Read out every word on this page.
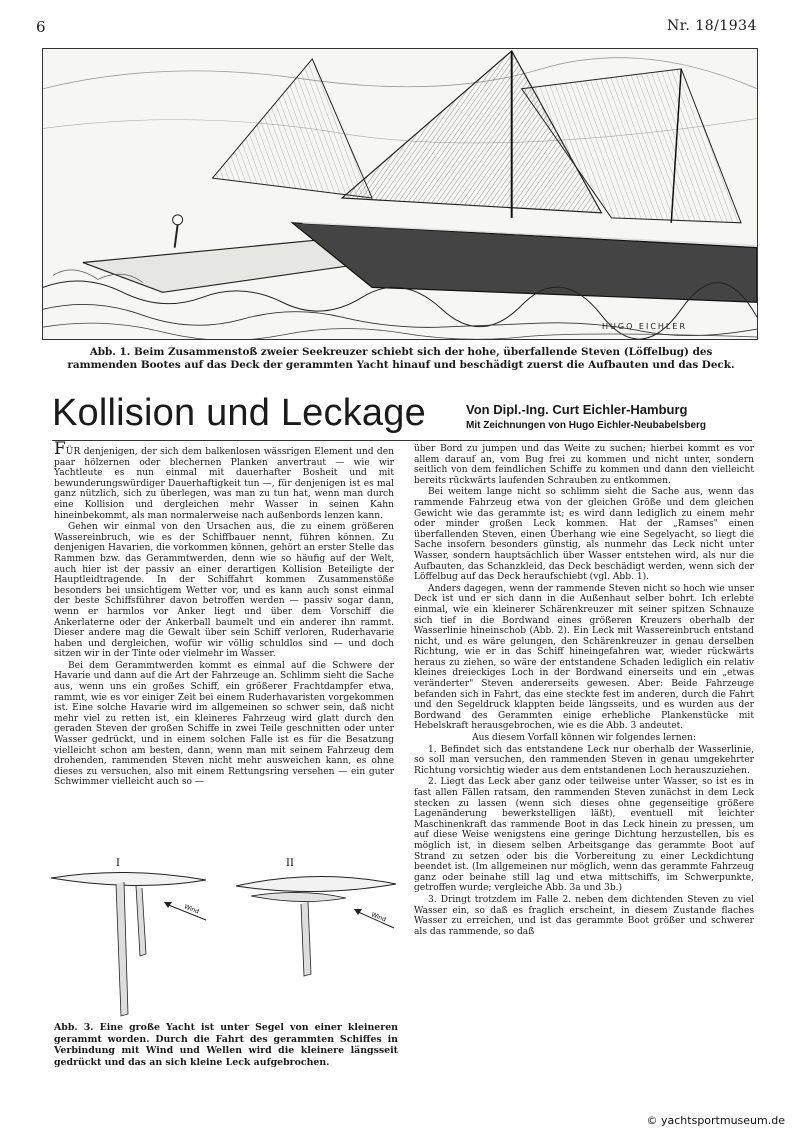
6	Nr. 18/1934
HUGO EICHLER
Abb. 1. Beim Zusammenstoß zweier Seekreuzer schiebt sich der hohe, überfallende Steven (Löffelbug) des rammenden Bootes auf das Deck der gerammten Yacht hinauf und beschädigt zuerst die Aufbauten und das Deck.
Kollision und Leckage	Von Dipl.-Ing. Curt Eichler-Hamburg
Mit Zeichnungen von Hugo Eichler-Neubabelsberg

FÜR denjenigen, der sich dem balkenlosen wässrigen Element und den paar hölzernen oder blechernen Planken anvertraut — wie wir Yachtleute es nun einmal mit dauerhafter Bosheit und mit bewunderungswürdiger Dauerhaftigkeit tun —, für denjenigen ist es mal ganz nützlich, sich zu überlegen, was man zu tun hat, wenn man durch eine Kollision und dergleichen mehr Wasser in seinen Kahn hineinbekommt, als man normalerweise nach außenbords lenzen kann.

Gehen wir einmal von den Ursachen aus, die zu einem größeren Wassereinbruch, wie es der Schiffbauer nennt, führen können. Zu denjenigen Havarien, die vorkommen können, gehört an erster Stelle das Rammen bzw. das Gerammtwerden, denn wie so häufig auf der Welt, auch hier ist der passiv an einer derartigen Kollision Beteiligte der Hauptleidtragende. In der Schiffahrt kommen Zusammenstöße besonders bei unsichtigem Wetter vor, und es kann auch sonst einmal der beste Schiffsführer davon betroffen werden — passiv sogar dann, wenn er harmlos vor Anker liegt und über dem Vorschiff die Ankerlaterne oder der Ankerball baumelt und ein anderer ihn rammt. Dieser andere mag die Gewalt über sein Schiff verloren, Ruderhavarie haben und dergleichen, wofür wir völlig schuldlos sind — und doch sitzen wir in der Tinte oder vielmehr im Wasser.

Bei dem Gerammtwerden kommt es einmal auf die Schwere der Havarie und dann auf die Art der Fahrzeuge an. Schlimm sieht die Sache aus, wenn uns ein großes Schiff, ein größerer Frachtdampfer etwa, rammt, wie es vor einiger Zeit bei einem Ruderhavaristen vorgekommen ist. Eine solche Havarie wird im allgemeinen so schwer sein, daß nicht mehr viel zu retten ist, ein kleineres Fahrzeug wird glatt durch den geraden Steven der großen Schiffe in zwei Teile geschnitten oder unter Wasser gedrückt, und in einem solchen Falle ist es für die Besatzung vielleicht schon am besten, dann, wenn man mit seinem Fahrzeug dem drohenden, rammenden Steven nicht mehr ausweichen kann, es ohne dieses zu versuchen, also mit einem Rettungsring versehen — ein guter Schwimmer vielleicht auch so —

I
Wind
II
Wind
Abb. 3. Eine große Yacht ist unter Segel von einer kleineren gerammt worden. Durch die Fahrt des gerammten Schiffes in Verbindung mit Wind und Wellen wird die kleinere längsseit gedrückt und das an sich kleine Leck aufgebrochen.

über Bord zu jumpen und das Weite zu suchen; hierbei kommt es vor allem darauf an, vom Bug frei zu kommen und nicht unter, sondern seitlich von dem feindlichen Schiffe zu kommen und dann den vielleicht bereits rückwärts laufenden Schrauben zu entkommen.

Bei weitem lange nicht so schlimm sieht die Sache aus, wenn das rammende Fahrzeug etwa von der gleichen Größe und dem gleichen Gewicht wie das gerammte ist; es wird dann lediglich zu einem mehr oder minder großen Leck kommen. Hat der „Ramses" einen überfallenden Steven, einen Überhang wie eine Segelyacht, so liegt die Sache insofern besonders günstig, als nunmehr das Leck nicht unter Wasser, sondern hauptsächlich über Wasser entstehen wird, als nur die Aufbauten, das Schanzkleid, das Deck beschädigt werden, wenn sich der Löffelbug auf das Deck heraufschiebt (vgl. Abb. 1).

Anders dagegen, wenn der rammende Steven nicht so hoch wie unser Deck ist und er sich dann in die Außenhaut selber bohrt. Ich erlebte einmal, wie ein kleinerer Schärenkreuzer mit seiner spitzen Schnauze sich tief in die Bordwand eines größeren Kreuzers oberhalb der Wasserlinie hineinschob (Abb. 2). Ein Leck mit Wassereinbruch entstand nicht, und es wäre gelungen, den Schärenkreuzer in genau derselben Richtung, wie er in das Schiff hineingefahren war, wieder rückwärts heraus zu ziehen, so wäre der entstandene Schaden lediglich ein relativ kleines dreieckiges Loch in der Bordwand einerseits und ein „etwas veränderter" Steven andererseits gewesen. Aber: Beide Fahrzeuge befanden sich in Fahrt, das eine steckte fest im anderen, durch die Fahrt und den Segeldruck klappten beide längsseits, und es wurden aus der Bordwand des Gerammten einige erhebliche Plankenstücke mit Hebelskraft herausgebrochen, wie es die Abb. 3 andeutet.

Aus diesem Vorfall können wir folgendes lernen:

1. Befindet sich das entstandene Leck nur oberhalb der Wasserlinie, so soll man versuchen, den rammenden Steven in genau umgekehrter Richtung vorsichtig wieder aus dem entstandenen Loch herauszuziehen.

2. Liegt das Leck aber ganz oder teilweise unter Wasser, so ist es in fast allen Fällen ratsam, den rammenden Steven zunächst in dem Leck stecken zu lassen (wenn sich dieses ohne gegenseitige größere Lagenänderung bewerkstelligen läßt), eventuell mit leichter Maschinenkraft das rammende Boot in das Leck hinein zu pressen, um auf diese Weise wenigstens eine geringe Dichtung herzustellen, bis es möglich ist, in diesem selben Arbeitsgange das gerammte Boot auf Strand zu setzen oder bis die Vorbereitung zu einer Leckdichtung beendet ist. (Im allgemeinen nur möglich, wenn das gerammte Fahrzeug ganz oder beinahe still lag und etwa mittschiffs, im Schwerpunkte, getroffen wurde; vergleiche Abb. 3a und 3b.)

3. Dringt trotzdem im Falle 2. neben dem dichtenden Steven zu viel Wasser ein, so daß es fraglich erscheint, in diesem Zustande flaches Wasser zu erreichen, und ist das gerammte Boot größer und schwerer als das rammende, so daß

© yachtsportmuseum.de
